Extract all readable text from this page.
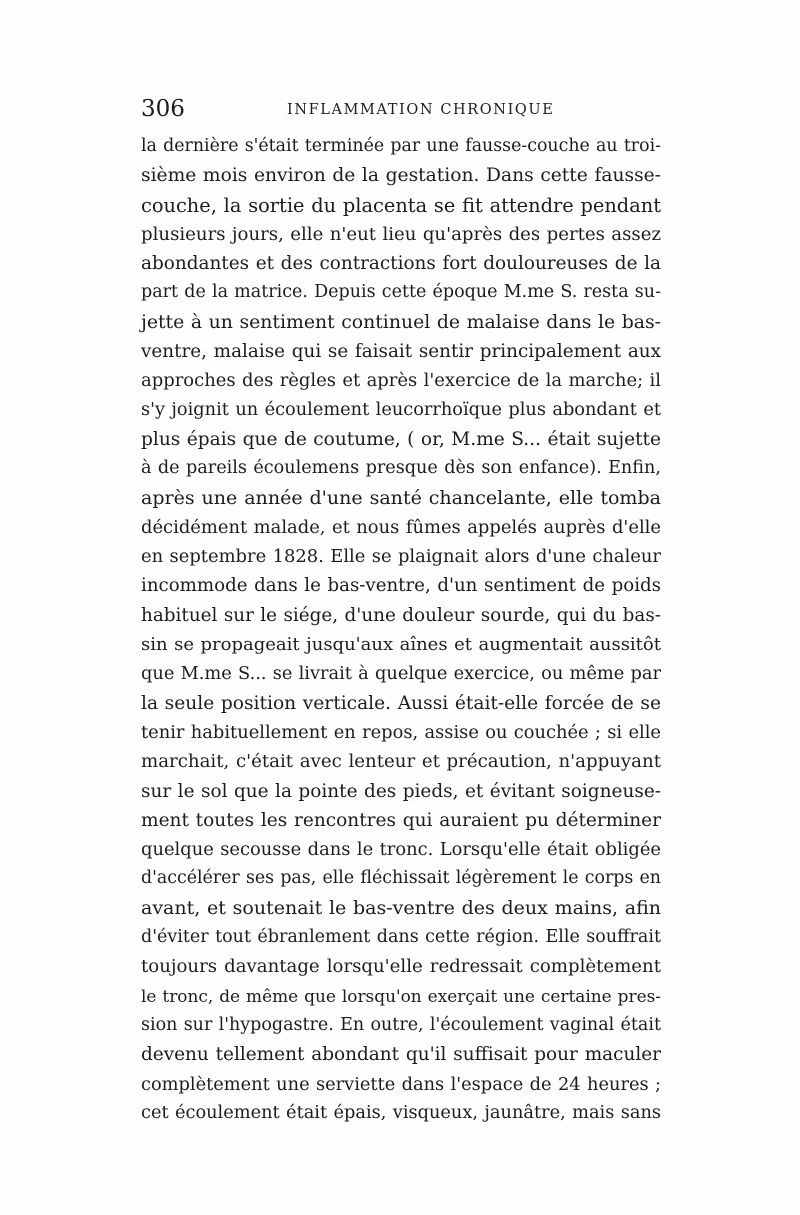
306	INFLAMMATION CHRONIQUE
la dernière s'était terminée par une fausse-couche au troi-
sième mois environ de la gestation. Dans cette fausse-
couche, la sortie du placenta se fit attendre pendant
plusieurs jours, elle n'eut lieu qu'après des pertes assez
abondantes et des contractions fort douloureuses de la
part de la matrice. Depuis cette époque M.me S. resta su-
jette à un sentiment continuel de malaise dans le bas-
ventre, malaise qui se faisait sentir principalement aux
approches des règles et après l'exercice de la marche; il
s'y joignit un écoulement leucorrhoïque plus abondant et
plus épais que de coutume, ( or, M.me S... était sujette
à de pareils écoulemens presque dès son enfance). Enfin,
après une année d'une santé chancelante, elle tomba
décidément malade, et nous fûmes appelés auprès d'elle
en septembre 1828. Elle se plaignait alors d'une chaleur
incommode dans le bas-ventre, d'un sentiment de poids
habituel sur le siége, d'une douleur sourde, qui du bas-
sin se propageait jusqu'aux aînes et augmentait aussitôt
que M.me S... se livrait à quelque exercice, ou même par
la seule position verticale. Aussi était-elle forcée de se
tenir habituellement en repos, assise ou couchée ; si elle
marchait, c'était avec lenteur et précaution, n'appuyant
sur le sol que la pointe des pieds, et évitant soigneuse-
ment toutes les rencontres qui auraient pu déterminer
quelque secousse dans le tronc. Lorsqu'elle était obligée
d'accélérer ses pas, elle fléchissait légèrement le corps en
avant, et soutenait le bas-ventre des deux mains, afin
d'éviter tout ébranlement dans cette région. Elle souffrait
toujours davantage lorsqu'elle redressait complètement
le tronc, de même que lorsqu'on exerçait une certaine pres-
sion sur l'hypogastre. En outre, l'écoulement vaginal était
devenu tellement abondant qu'il suffisait pour maculer
complètement une serviette dans l'espace de 24 heures ;
cet écoulement était épais, visqueux, jaunâtre, mais sans
